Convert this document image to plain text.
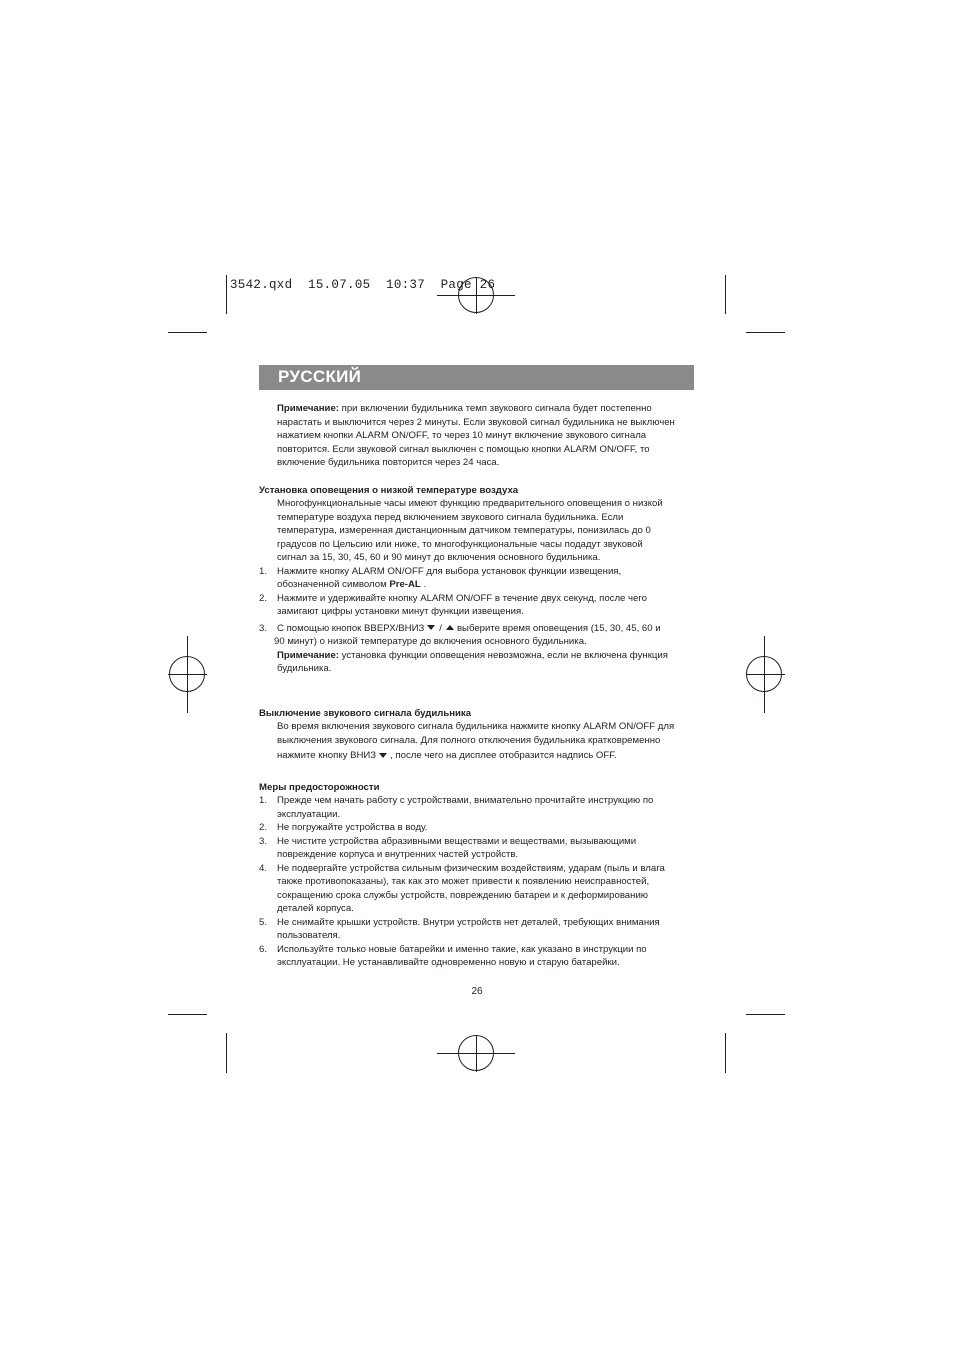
3542.qxd  15.07.05  10:37  Page 26
РУССКИЙ

Примечание: при включении будильника темп звукового сигнала будет постепенно

нарастать и выключится через 2 минуты. Если звуковой сигнал будильника не выключен

нажатием кнопки ALARM ON/OFF, то через 10 минут включение звукового сигнала

повторится. Если звуковой сигнал выключен с помощью кнопки ALARM ON/OFF, то

включение будильника повторится через 24 часа.

Установка оповещения о низкой температуре воздуха

Многофункциональные часы имеют функцию предварительного оповещения о низкой

температуре воздуха перед включением звукового сигнала будильника. Если

температура, измеренная дистанционным датчиком температуры, понизилась до 0

градусов по Цельсию или ниже, то многофункциональные часы подадут звуковой

сигнал за 15, 30, 45, 60 и 90 минут до включения основного будильника.

1. Нажмите кнопку ALARM ON/OFF для выбора установок функции извещения,

обозначенной символом Pre-AL .

2. Нажмите и удерживайте кнопку ALARM ON/OFF в течение двух секунд, после чего

замигают цифры установки минут функции извещения.

3. С помощью кнопок ВВЕРХ/ВНИЗ / выберите время оповещения (15, 30, 45, 60 и

90 минут) о низкой температуре до включения основного будильника.

Примечание: установка функции оповещения невозможна, если не включена функция

будильника.

Выключение звукового сигнала будильника

Во время включения звукового сигнала будильника нажмите кнопку ALARM ON/OFF для

выключения звукового сигнала. Для полного отключения будильника кратковременно

нажмите кнопку ВНИЗ , после чего на дисплее отобразится надпись OFF.

Меры предосторожности

1. Прежде чем начать работу с устройствами, внимательно прочитайте инструкцию по

эксплуатации.

2. Не погружайте устройства в воду.

3. Не чистите устройства абразивными веществами и веществами, вызывающими

повреждение корпуса и внутренних частей устройств.

4. Не подвергайте устройства сильным физическим воздействиям, ударам (пыль и влага

также противопоказаны), так как это может привести к появлению неисправностей,

сокращению срока службы устройств, повреждению батареи и к деформированию

деталей корпуса.

5. Не снимайте крышки устройств. Внутри устройств нет деталей, требующих внимания

пользователя.

6. Используйте только новые батарейки и именно такие, как указано в инструкции по

эксплуатации. Не устанавливайте одновременно новую и старую батарейки.

26
